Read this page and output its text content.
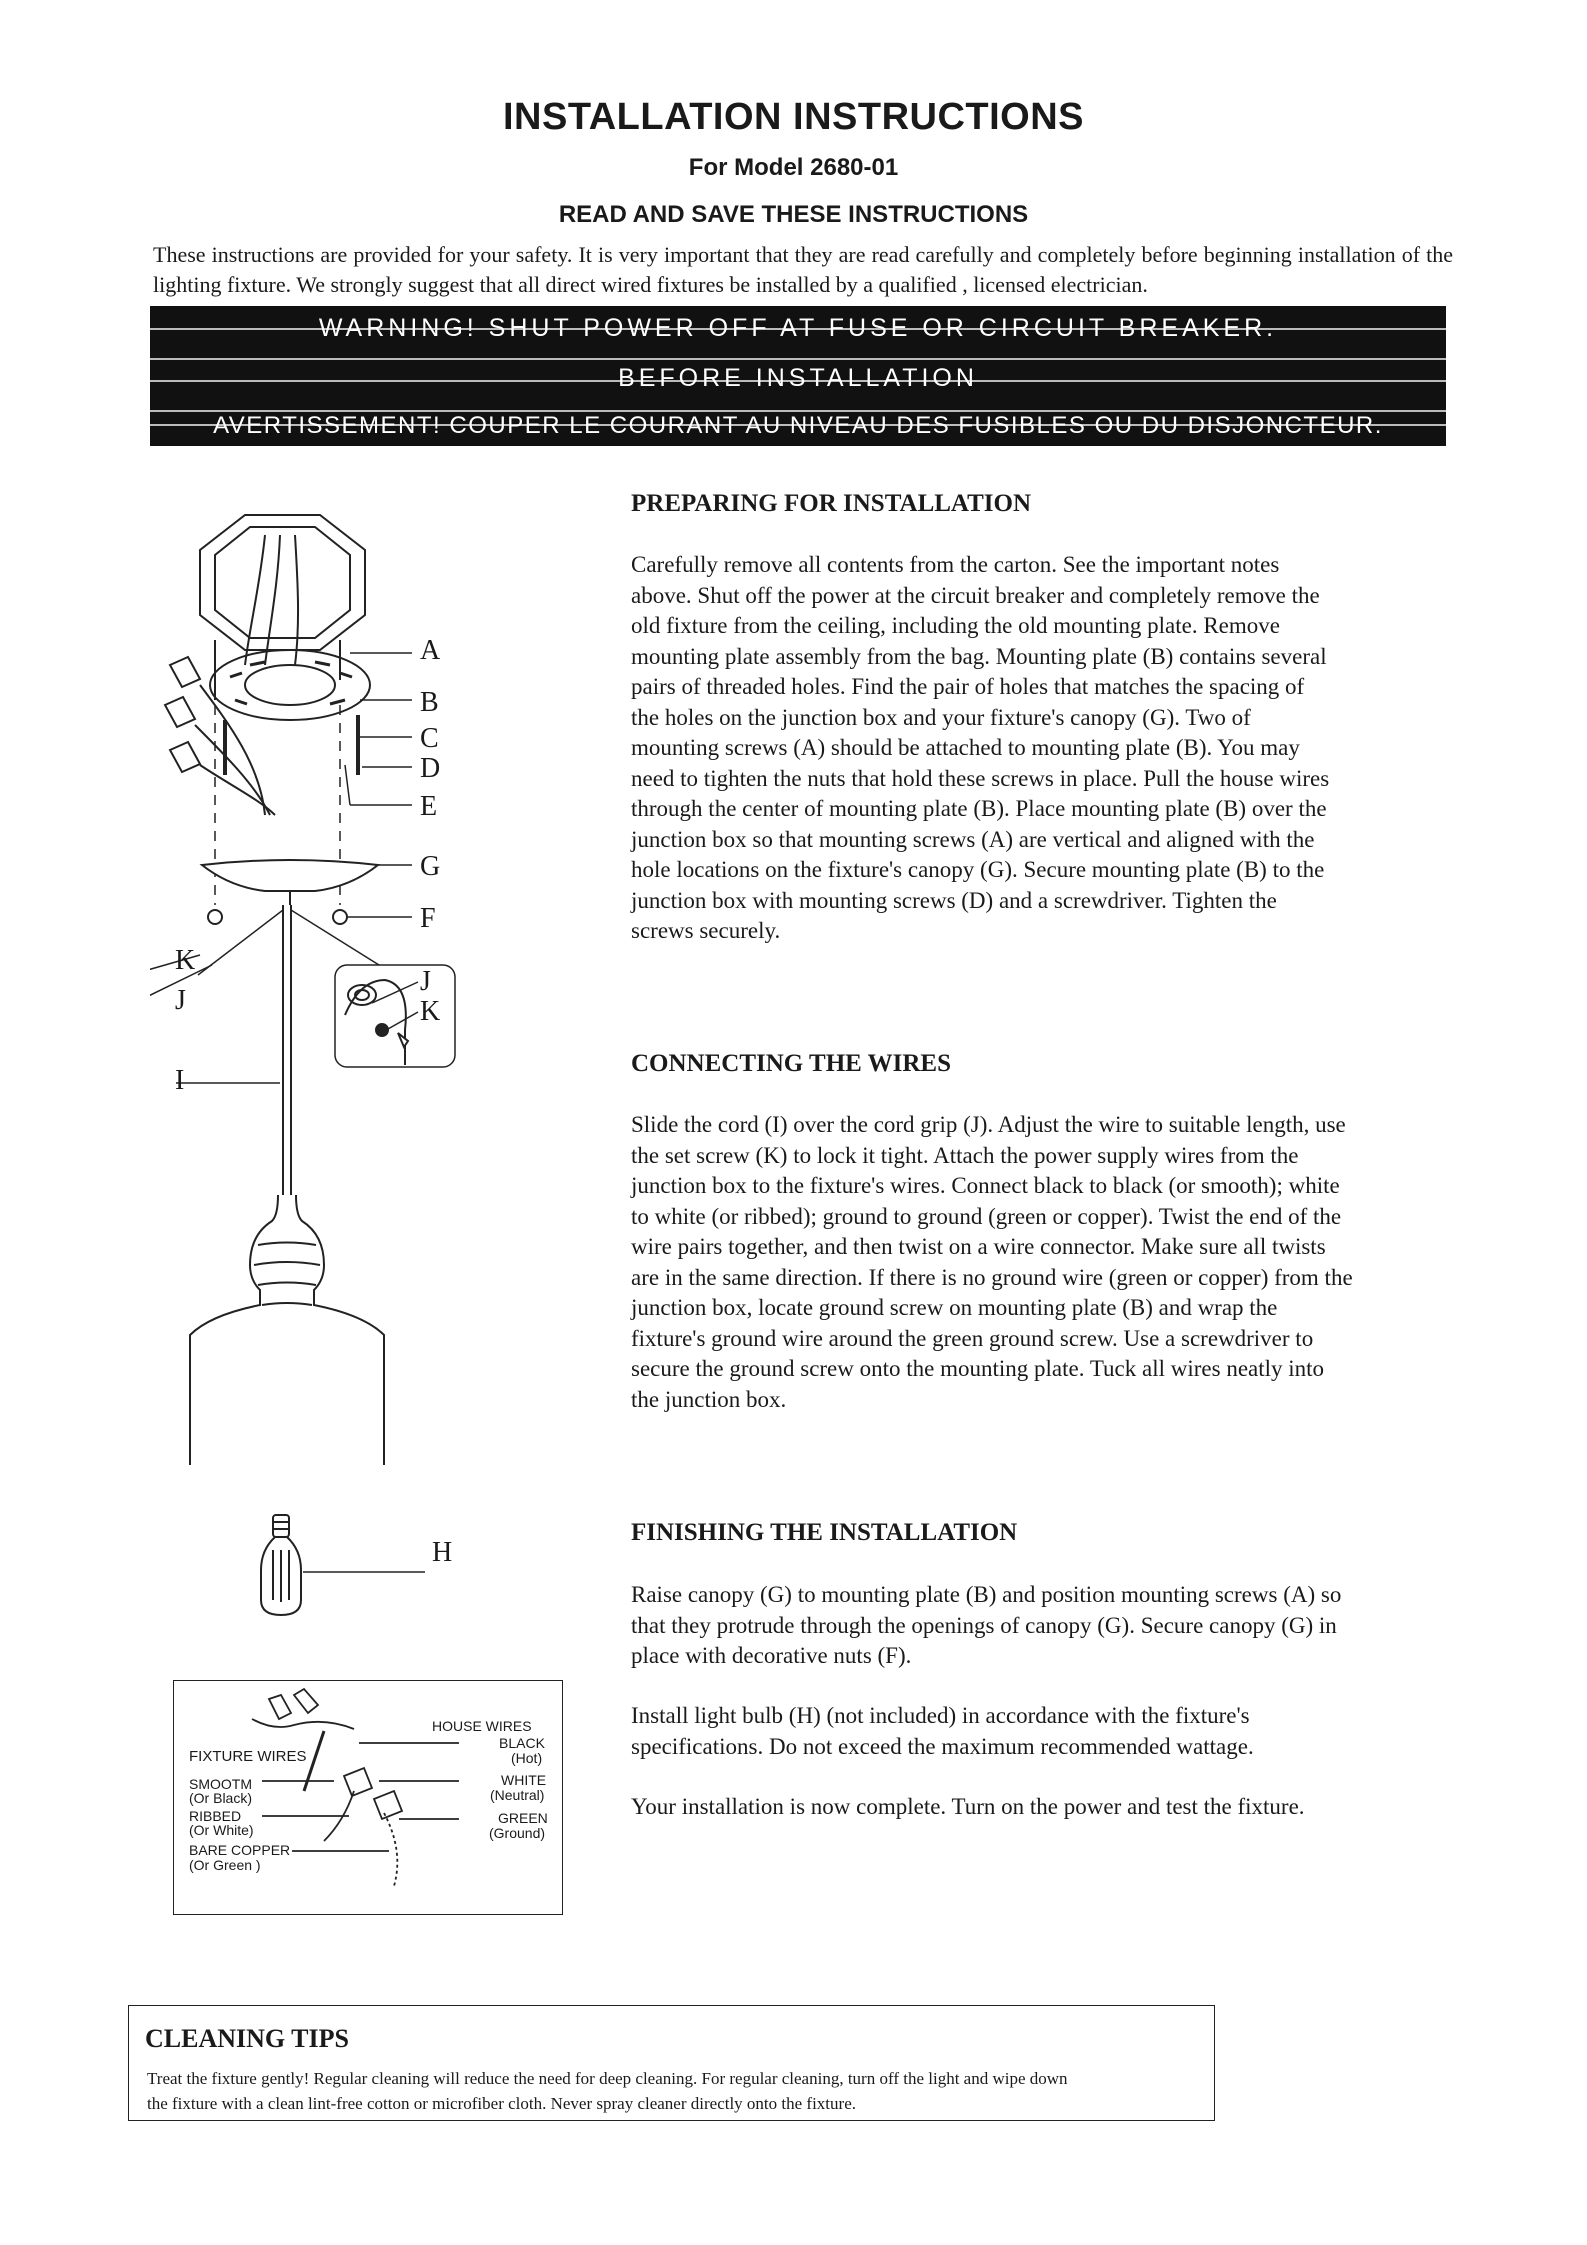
INSTALLATION INSTRUCTIONS
For Model 2680-01
READ AND SAVE THESE INSTRUCTIONS
These instructions are provided for your safety. It is very important that they are read carefully and completely before beginning installation of the lighting fixture. We strongly suggest that all direct wired fixtures be installed by a qualified , licensed electrician.
WARNING! SHUT POWER OFF AT FUSE OR CIRCUIT BREAKER.
BEFORE INSTALLATION
AVERTISSEMENT! COUPER LE COURANT AU NIVEAU DES FUSIBLES OU DU DISJONCTEUR.
PREPARING FOR INSTALLATION
Carefully remove all contents from the carton. See the important notes
above. Shut off the power at the circuit breaker and completely remove the
old fixture from the ceiling, including the old mounting plate. Remove
mounting plate assembly from the bag. Mounting plate (B) contains several
pairs of threaded holes. Find the pair of holes that matches the spacing of
the holes on the junction box and your fixture's canopy (G). Two of
mounting screws (A) should be attached to mounting plate (B). You may
need to tighten the nuts that hold these screws in place. Pull the house wires
through the center of mounting plate (B). Place mounting plate (B) over the
junction box so that mounting screws (A) are vertical and aligned with the
hole locations on the fixture's canopy (G). Secure mounting plate (B) to the
junction box with mounting screws (D) and a screwdriver. Tighten the
screws securely.
CONNECTING THE WIRES
Slide the cord (I) over the cord grip (J). Adjust the wire to suitable length, use
the set screw (K) to lock it tight. Attach the power supply wires from the
junction box to the fixture's wires. Connect black to black (or smooth); white
to white (or ribbed); ground to ground (green or copper). Twist the end of the
wire pairs together, and then twist on a wire connector. Make sure all twists
are in the same direction. If there is no ground wire (green or copper) from the
junction box, locate ground screw on mounting plate (B) and wrap the
fixture's ground wire around the green ground screw. Use a screwdriver to
secure the ground screw onto the mounting plate. Tuck all wires neatly into
the junction box.
FINISHING THE INSTALLATION
Raise canopy (G) to mounting plate (B) and position mounting screws (A) so
that they protrude through the openings of canopy (G). Secure canopy (G) in
place with decorative nuts (F).
Install light bulb (H) (not included) in accordance with the fixture's
specifications. Do not exceed the maximum recommended wattage.
Your installation is now complete. Turn on the power and test the fixture.
A
B
C
D
E
G
F
K
J
J
K
I
H
HOUSE WIRES
BLACK
(Hot)
WHITE
(Neutral)
GREEN
(Ground)
FIXTURE WIRES
SMOOTM
(Or Black)
RIBBED
(Or White)
BARE COPPER
(Or Green )
CLEANING TIPS
Treat the fixture gently! Regular cleaning will reduce the need for deep cleaning. For regular cleaning, turn off the light and wipe down
the fixture with a clean lint-free cotton or microfiber cloth. Never spray cleaner directly onto the fixture.
